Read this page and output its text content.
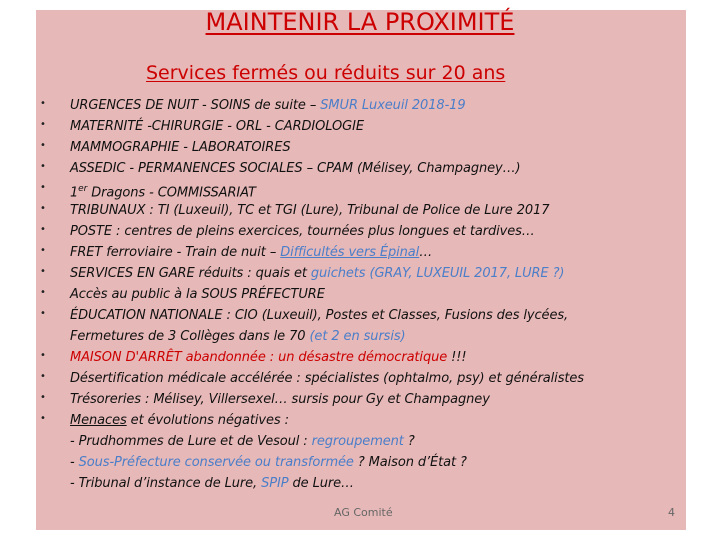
MAINTENIR LA PROXIMITÉ
Services fermés ou réduits sur 20 ans
• URGENCES DE NUIT - SOINS de suite – SMUR Luxeuil 2018-19
• MATERNITÉ -CHIRURGIE - ORL - CARDIOLOGIE
• MAMMOGRAPHIE - LABORATOIRES
• ASSEDIC - PERMANENCES SOCIALES – CPAM (Mélisey, Champagney…)
• 1er Dragons - COMMISSARIAT
• TRIBUNAUX : TI (Luxeuil), TC et TGI (Lure), Tribunal de Police de Lure 2017
• POSTE : centres de pleins exercices, tournées plus longues et tardives…
• FRET ferroviaire - Train de nuit – Difficultés vers Épinal…
• SERVICES EN GARE réduits : quais et guichets (GRAY, LUXEUIL 2017, LURE ?)
• Accès au public à la SOUS PRÉFECTURE
• ÉDUCATION NATIONALE : CIO (Luxeuil), Postes et Classes, Fusions des lycées,
Fermetures de 3 Collèges dans le 70 (et 2 en sursis)
• MAISON D'ARRÊT abandonnée : un désastre démocratique !!!
• Désertification médicale accélérée : spécialistes (ophtalmo, psy) et généralistes
• Trésoreries : Mélisey, Villersexel… sursis pour Gy et Champagney
• Menaces et évolutions négatives :
- Prudhommes de Lure et de Vesoul : regroupement ?
- Sous-Préfecture conservée ou transformée ? Maison d’État ?
- Tribunal d’instance de Lure, SPIP de Lure…
AG Comité	4
